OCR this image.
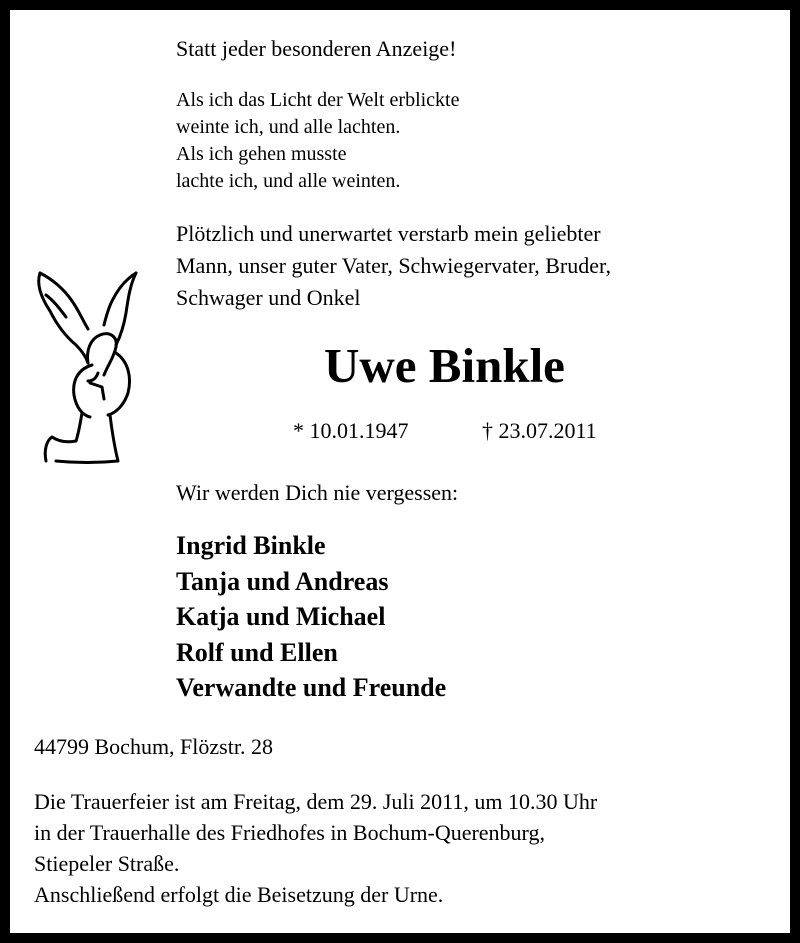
Statt jeder besonderen Anzeige!
Als ich das Licht der Welt erblickte
weinte ich, und alle lachten.
Als ich gehen musste
lachte ich, und alle weinten.
Plötzlich und unerwartet verstarb mein geliebter
Mann, unser guter Vater, Schwiegervater, Bruder,
Schwager und Onkel
Uwe Binkle
* 10.01.1947	† 23.07.2011
Wir werden Dich nie vergessen:
Ingrid Binkle
Tanja und Andreas
Katja und Michael
Rolf und Ellen
Verwandte und Freunde
44799 Bochum, Flözstr. 28
Die Trauerfeier ist am Freitag, dem 29. Juli 2011, um 10.30 Uhr
in der Trauerhalle des Friedhofes in Bochum-Querenburg,
Stiepeler Straße.
Anschließend erfolgt die Beisetzung der Urne.
